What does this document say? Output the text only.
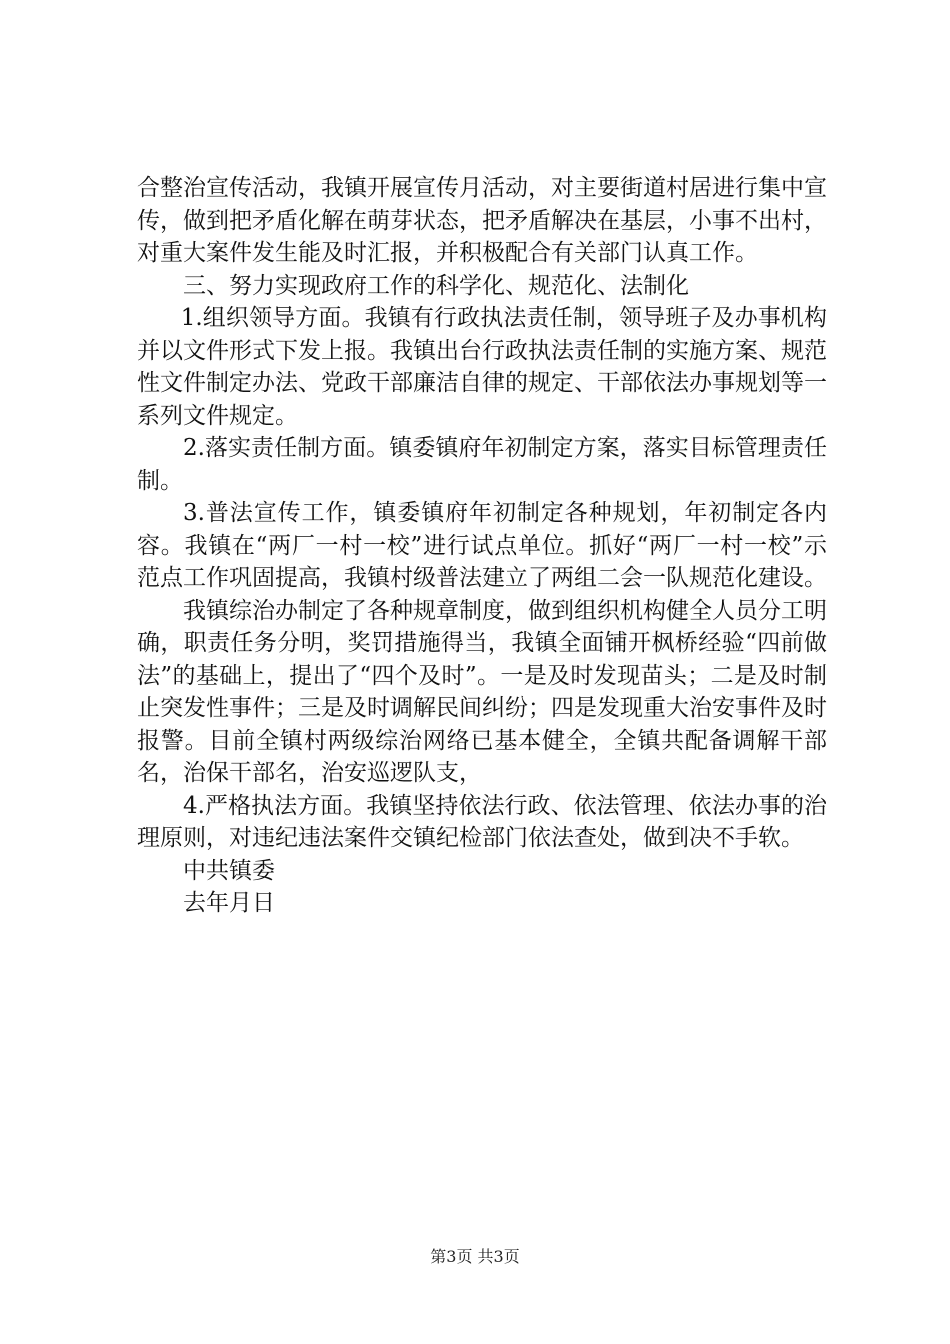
合整治宣传活动，我镇开展宣传月活动，对主要街道村居进行集中宣传，做到把矛盾化解在萌芽状态，把矛盾解决在基层，小事不出村，对重大案件发生能及时汇报，并积极配合有关部门认真工作。

三、努力实现政府工作的科学化、规范化、法制化

1.组织领导方面。我镇有行政执法责任制，领导班子及办事机构并以文件形式下发上报。我镇出台行政执法责任制的实施方案、规范性文件制定办法、党政干部廉洁自律的规定、干部依法办事规划等一系列文件规定。

2.落实责任制方面。镇委镇府年初制定方案，落实目标管理责任制。

3.普法宣传工作，镇委镇府年初制定各种规划，年初制定各内容。我镇在“两厂一村一校”进行试点单位。抓好“两厂一村一校”示范点工作巩固提高，我镇村级普法建立了两组二会一队规范化建设。

我镇综治办制定了各种规章制度，做到组织机构健全人员分工明确，职责任务分明，奖罚措施得当，我镇全面铺开枫桥经验“四前做法”的基础上，提出了“四个及时”。一是及时发现苗头；二是及时制止突发性事件；三是及时调解民间纠纷；四是发现重大治安事件及时报警。目前全镇村两级综治网络已基本健全，全镇共配备调解干部名，治保干部名，治安巡逻队支，

4.严格执法方面。我镇坚持依法行政、依法管理、依法办事的治理原则，对违纪违法案件交镇纪检部门依法查处，做到决不手软。

中共镇委

去年月日

第3页 共3页
